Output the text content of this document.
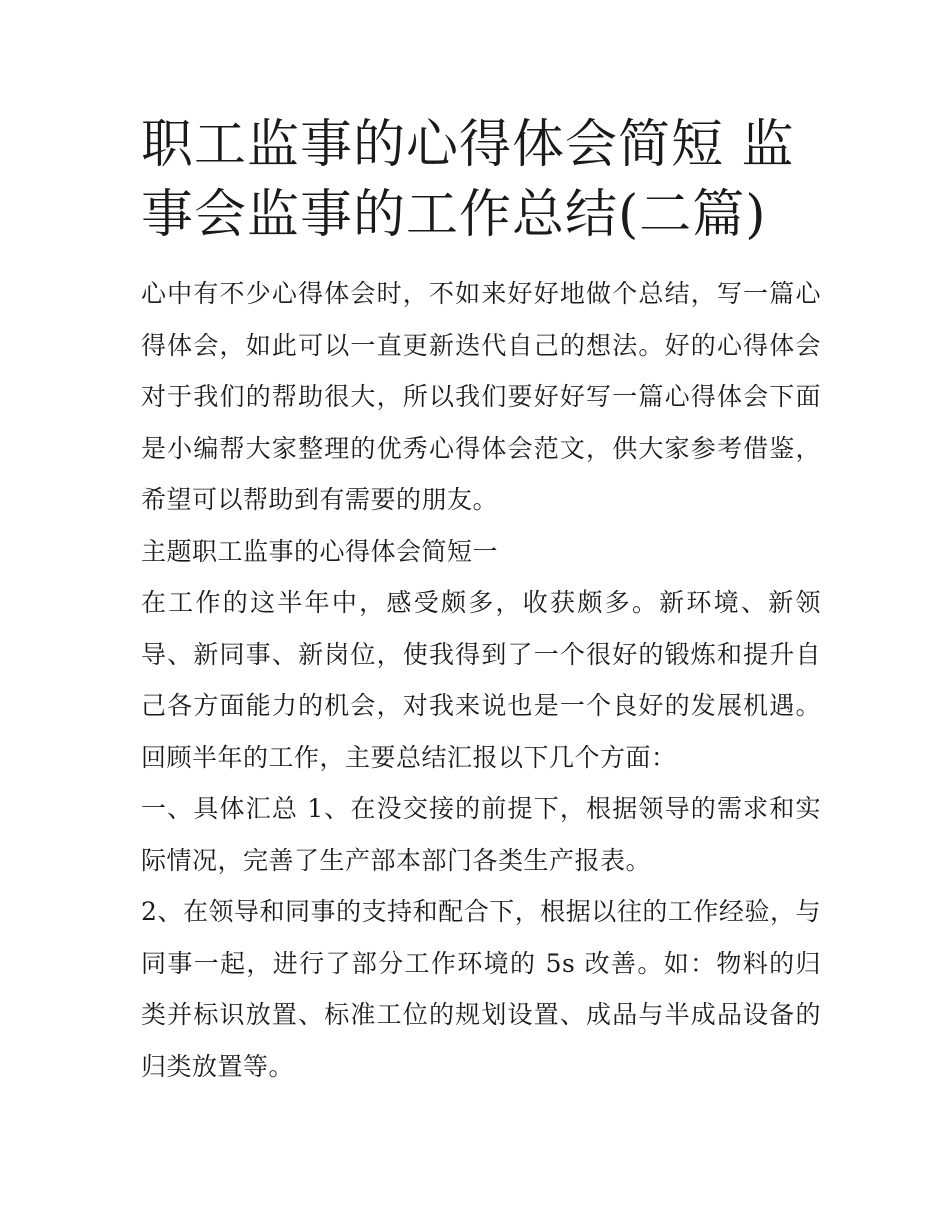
职工监事的心得体会简短 监事会监事的工作总结(二篇)

心中有不少心得体会时，不如来好好地做个总结，写一篇心得体会，如此可以一直更新迭代自己的想法。好的心得体会对于我们的帮助很大，所以我们要好好写一篇心得体会下面是小编帮大家整理的优秀心得体会范文，供大家参考借鉴，希望可以帮助到有需要的朋友。

主题职工监事的心得体会简短一

在工作的这半年中，感受颇多，收获颇多。新环境、新领导、新同事、新岗位，使我得到了一个很好的锻炼和提升自己各方面能力的机会，对我来说也是一个良好的发展机遇。回顾半年的工作，主要总结汇报以下几个方面：

一、具体汇总 1、在没交接的前提下，根据领导的需求和实际情况，完善了生产部本部门各类生产报表。

2、在领导和同事的支持和配合下，根据以往的工作经验，与同事一起，进行了部分工作环境的 5s 改善。如：物料的归类并标识放置、标准工位的规划设置、成品与半成品设备的归类放置等。
